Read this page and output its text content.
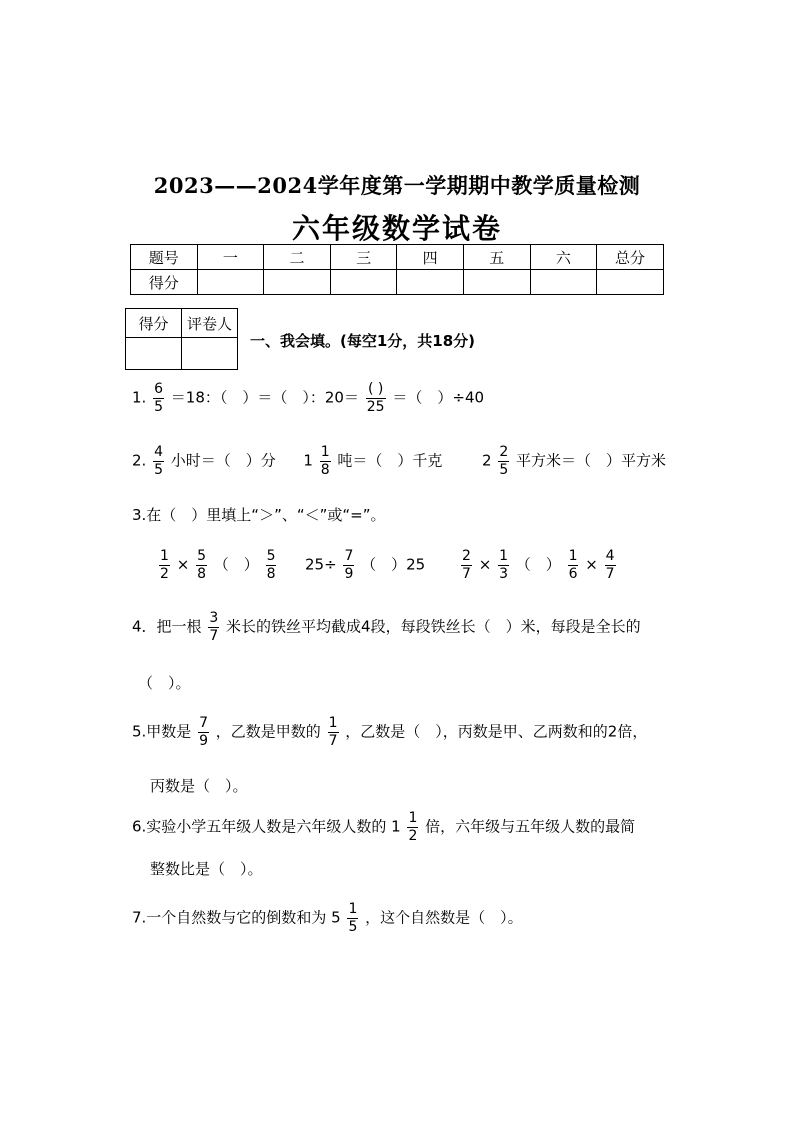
2023——2024学年度第一学期期中教学质量检测
六年级数学试卷
题号	一	二	三	四	五	六	总分
得分							
得分	评卷人

一、我会填。(每空1分，共18分)
1. $\frac{6}{5} =18$：（　）＝（　）：$20= \frac{( )}{25}$ ＝（　）÷40
2. $\frac{4}{5}$ 小时＝（　）分 $1 \frac{1}{8}$ 吨＝（　）千克	$2 \frac{2}{5}$ 平方米＝（　）平方米
3.在（　）里填上“＞”、“＜”或“=”。
$\frac{1}{2} \times \frac{5}{8}$ （　） $\frac{5}{8} 25\div \frac{7}{9}$ （　）25	$\frac{2}{7} \times \frac{1}{3}$ （　） $\frac{1}{6} \times \frac{4}{7}$
4．把一根 $\frac{3}{7}$ 米长的铁丝平均截成4段，每段铁丝长（　）米，每段是全长的
（　）。
5.甲数是 $\frac{7}{9}$ ，乙数是甲数的 $\frac{1}{7}$ ，乙数是（　），丙数是甲、乙两数和的2倍，
丙数是（　）。
6.实验小学五年级人数是六年级人数的 $1 \frac{1}{2}$ 倍，六年级与五年级人数的最简
整数比是（　）。
7.一个自然数与它的倒数和为 $5 \frac{1}{5}$ ，这个自然数是（　）。
